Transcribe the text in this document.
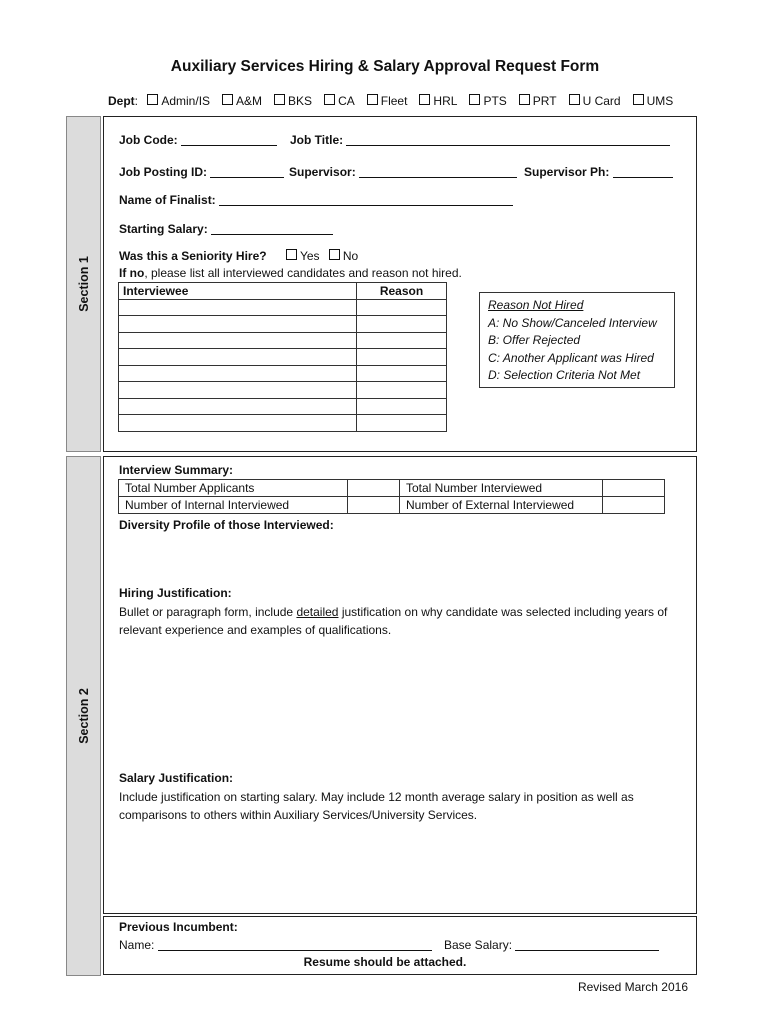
Auxiliary Services Hiring & Salary Approval Request Form
Dept: Admin/IS A&M BKS CA Fleet HRL PTS PRT U Card UMS
Section 1
Job Code:	Job Title:
Job Posting ID:	Supervisor:	Supervisor Ph:
Name of Finalist:
Starting Salary:
Was this a Seniority Hire?	Yes No
If no, please list all interviewed candidates and reason not hired.
Interviewee	Reason

Reason Not Hired
A: No Show/Canceled Interview
B: Offer Rejected
C: Another Applicant was Hired
D: Selection Criteria Not Met
Section 2
Interview Summary:
Total Number Applicants		Total Number Interviewed	
Number of Internal Interviewed		Number of External Interviewed	
Diversity Profile of those Interviewed:
Hiring Justification:
Bullet or paragraph form, include detailed justification on why candidate was selected including years of relevant experience and examples of qualifications.
Salary Justification:
Include justification on starting salary. May include 12 month average salary in position as well as comparisons to others within Auxiliary Services/University Services.
Previous Incumbent:
Name:	Base Salary:
Resume should be attached.
Revised March 2016
